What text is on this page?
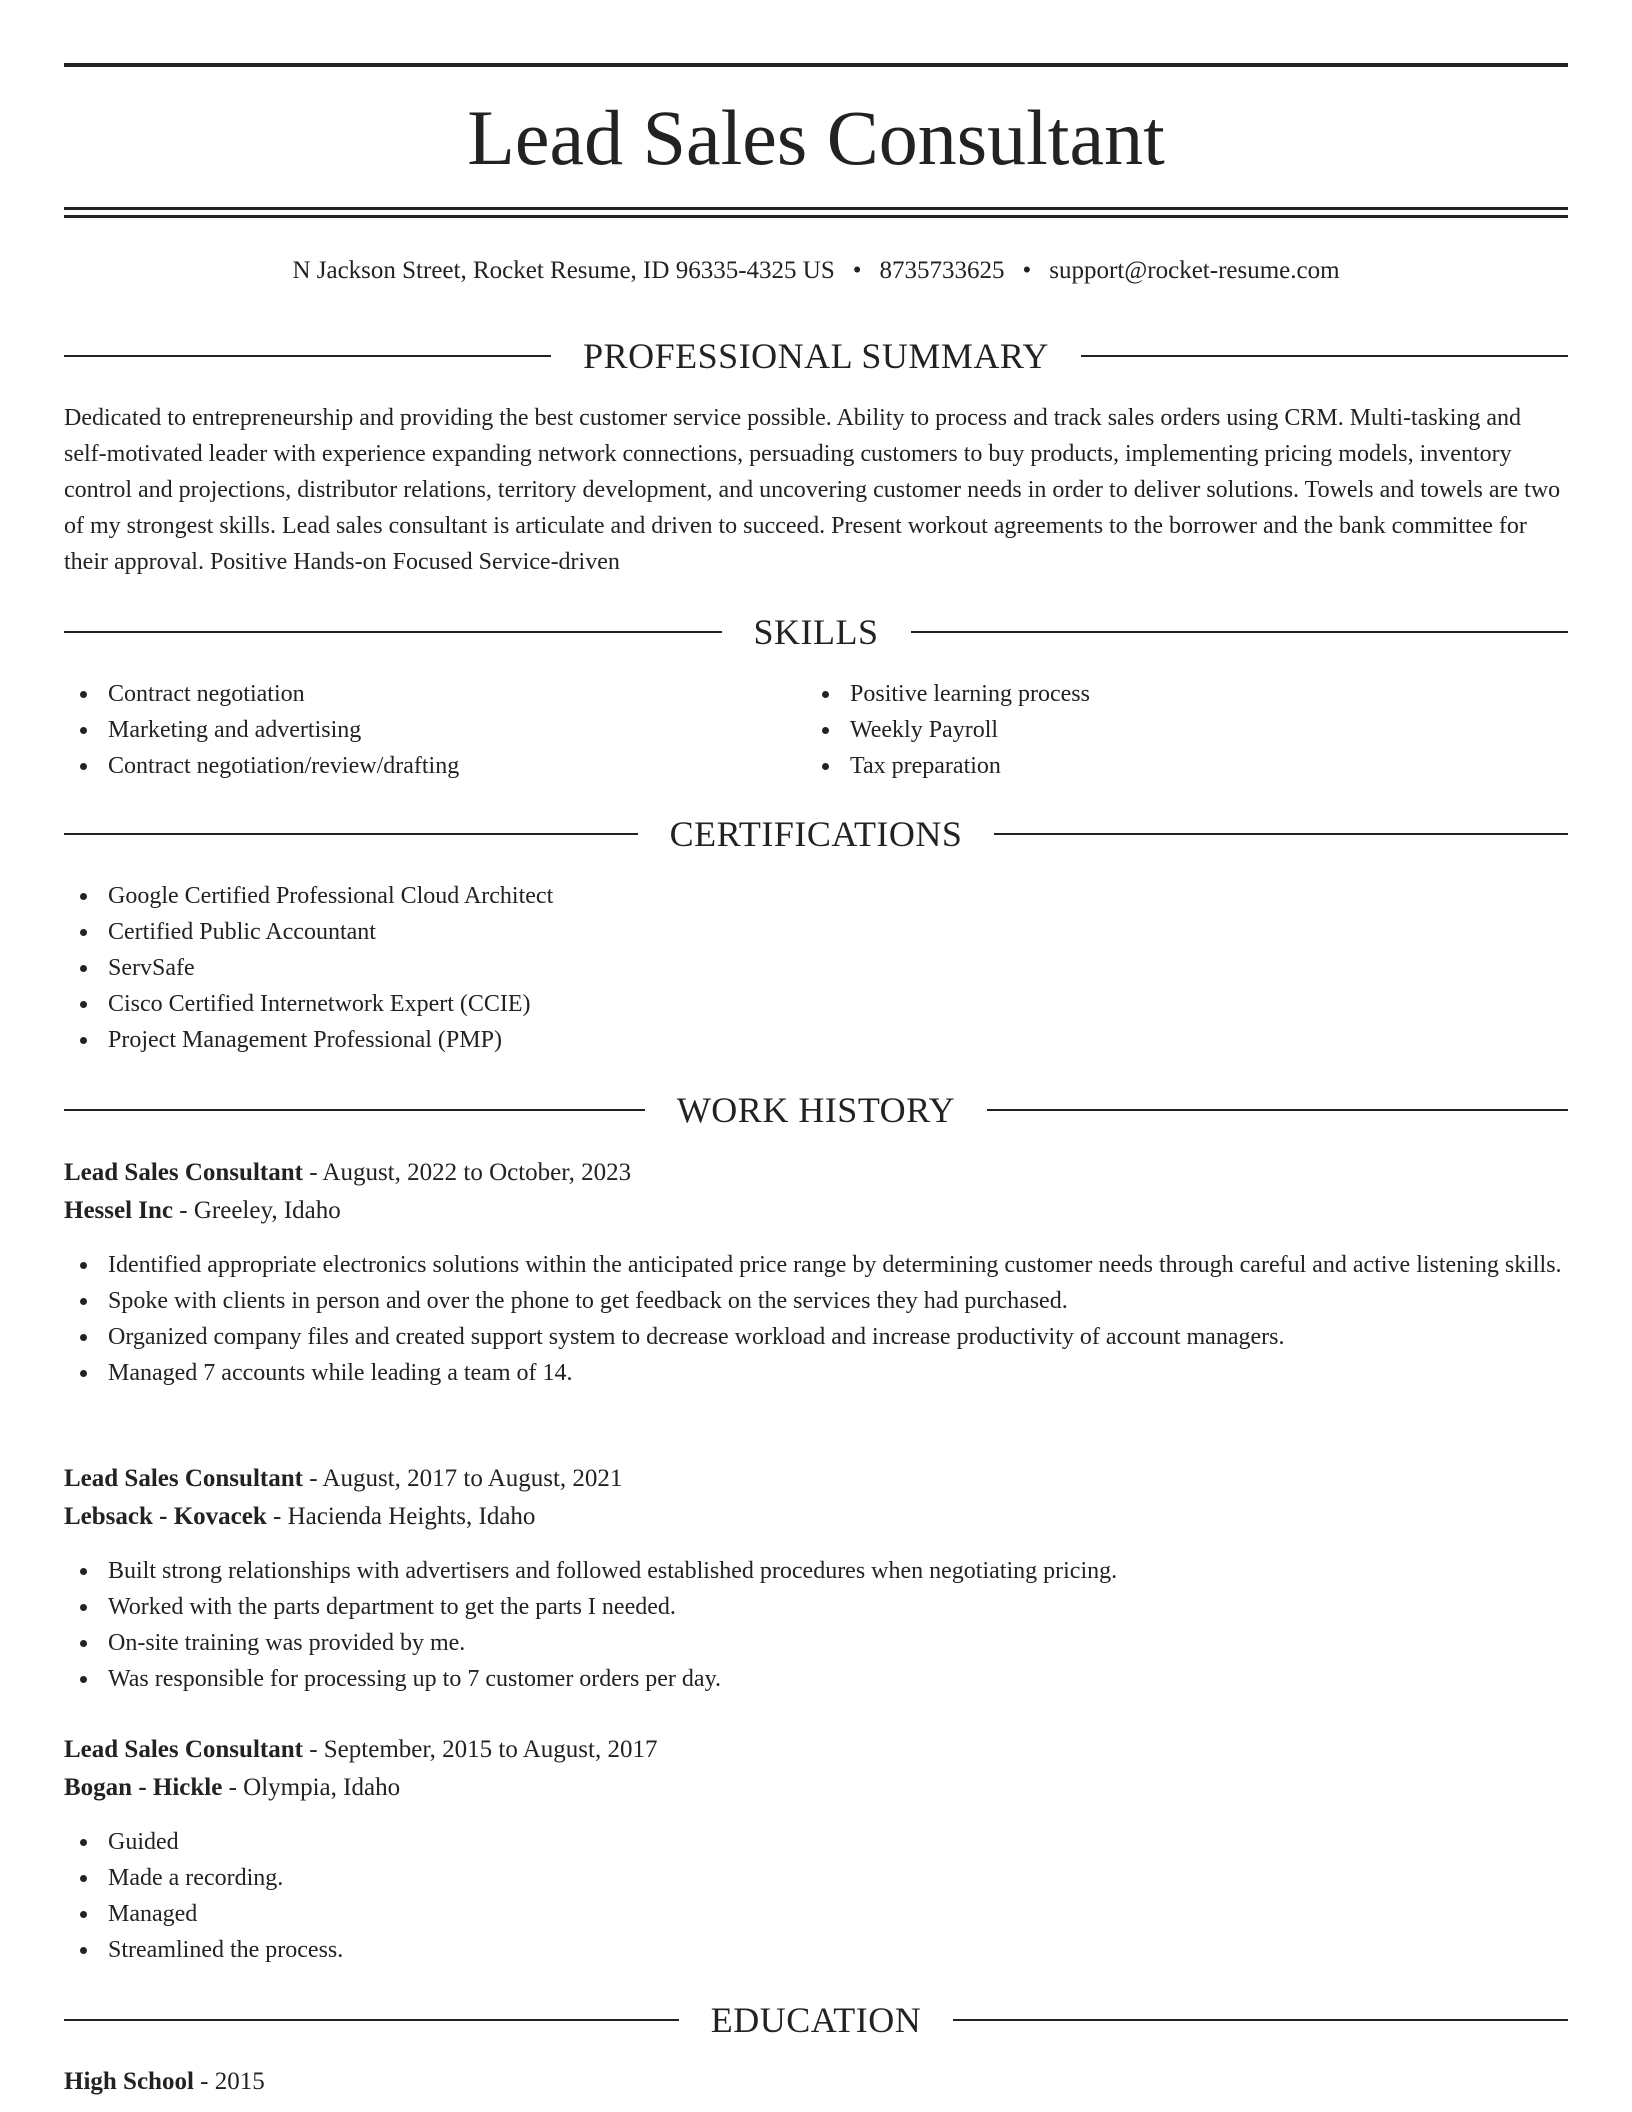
Lead Sales Consultant
N Jackson Street, Rocket Resume, ID 96335-4325 US • 8735733625 • support@rocket-resume.com
PROFESSIONAL SUMMARY

Dedicated to entrepreneurship and providing the best customer service possible. Ability to process and track sales orders using CRM. Multi-tasking and self-motivated leader with experience expanding network connections, persuading customers to buy products, implementing pricing models, inventory control and projections, distributor relations, territory development, and uncovering customer needs in order to deliver solutions. Towels and towels are two of my strongest skills. Lead sales consultant is articulate and driven to succeed. Present workout agreements to the borrower and the bank committee for their approval. Positive Hands-on Focused Service-driven

SKILLS
Contract negotiation
Marketing and advertising
Contract negotiation/review/drafting
Positive learning process
Weekly Payroll
Tax preparation
CERTIFICATIONS
Google Certified Professional Cloud Architect
Certified Public Accountant
ServSafe
Cisco Certified Internetwork Expert (CCIE)
Project Management Professional (PMP)
WORK HISTORY
Lead Sales Consultant - August, 2022 to October, 2023
Hessel Inc - Greeley, Idaho
Identified appropriate electronics solutions within the anticipated price range by determining customer needs through careful and active listening skills.
Spoke with clients in person and over the phone to get feedback on the services they had purchased.
Organized company files and created support system to decrease workload and increase productivity of account managers.
Managed 7 accounts while leading a team of 14.
Lead Sales Consultant - August, 2017 to August, 2021
Lebsack - Kovacek - Hacienda Heights, Idaho
Built strong relationships with advertisers and followed established procedures when negotiating pricing.
Worked with the parts department to get the parts I needed.
On-site training was provided by me.
Was responsible for processing up to 7 customer orders per day.
Lead Sales Consultant - September, 2015 to August, 2017
Bogan - Hickle - Olympia, Idaho
Guided
Made a recording.
Managed
Streamlined the process.
EDUCATION
High School - 2015
